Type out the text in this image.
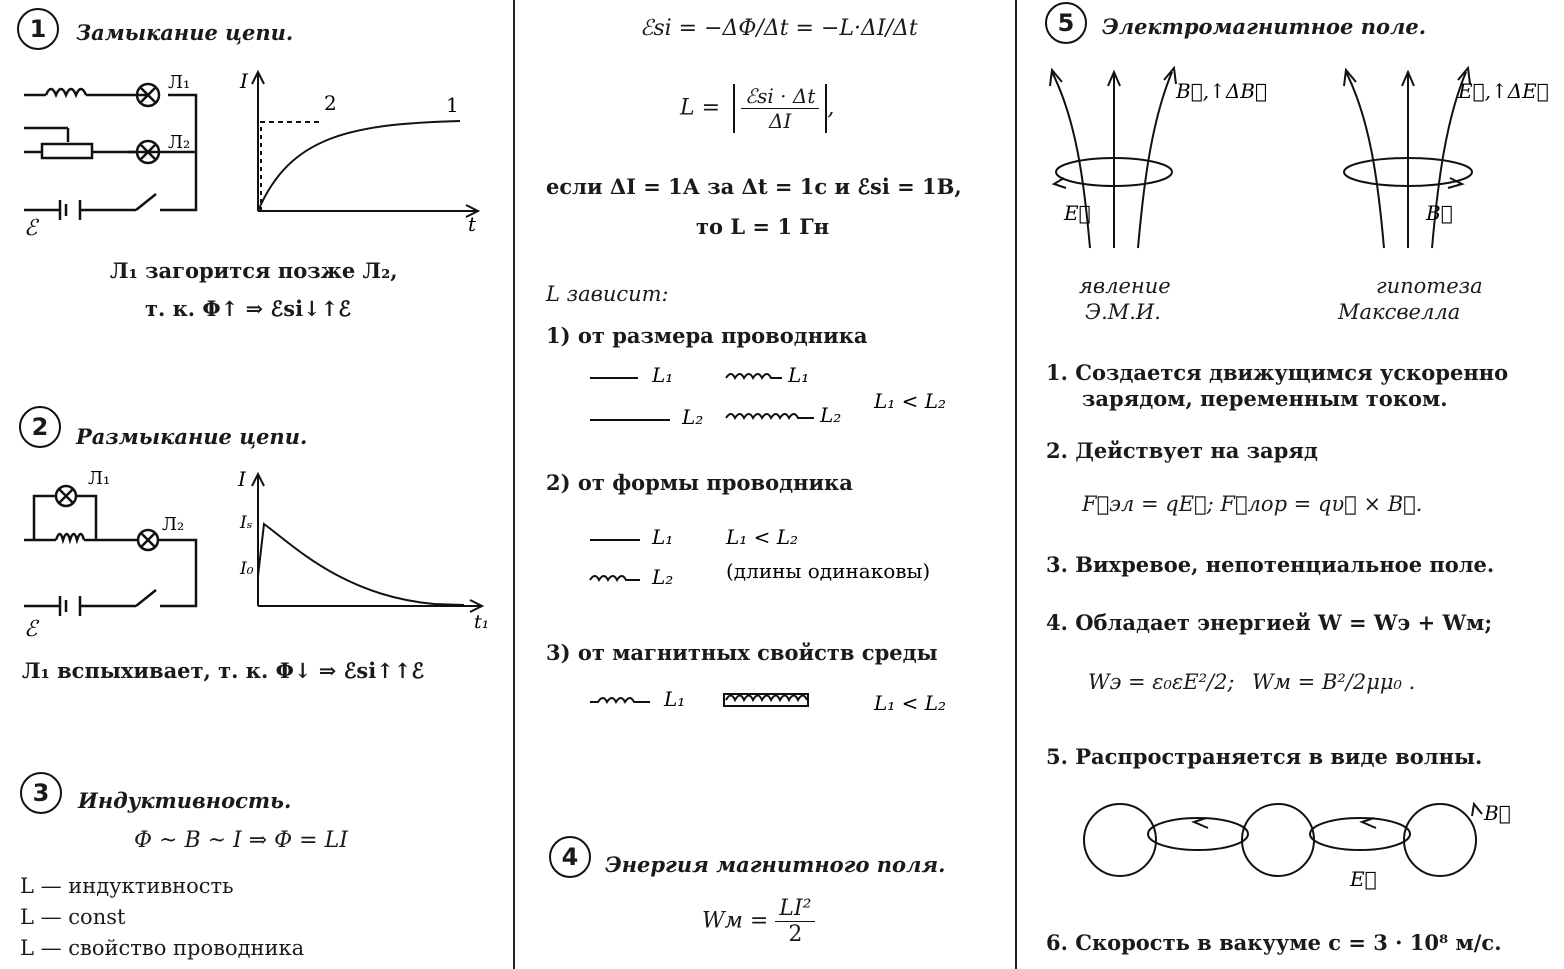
1	Замыкание цепи.
ℰ
Л₁
Л₂
I
t
2	1
Л₁ загорится позже Л₂,
т. к. Φ↑ ⇒ ℰsi↓↑ℰ
2	Размыкание цепи.
ℰ
Л₁
Л₂
I
Iₛ
I₀
t₁
Л₁ вспыхивает, т. к. Φ↓ ⇒ ℰsi↑↑ℰ
3	Индуктивность.
Φ ~ B ~ I ⇒ Φ = LI
L — индуктивность
L — const
L — свойство проводника
ℰsi = −ΔΦ/Δt = −L·ΔI/Δt
$L = \frac{\text{ℰsi · Δt}}{\Delta I}$ ,
если ΔI = 1А за Δt = 1с и ℰsi = 1В,
то L = 1 Гн
L зависит:
1) от размера проводника
L₁
L₂
L₁
L₂
L₁ < L₂
2) от формы проводника
L₁
L₂
L₁ < L₂
(длины одинаковы)
3) от магнитных свойств среды
L₁	L₁ < L₂
4	Энергия магнитного поля.
Wм = $\frac{\text{LI²}}{2}$
5	Электромагнитное поле.
B⃗,↑ΔB⃗
E⃗
E⃗,↑ΔE⃗
B⃗
явление
Э.М.И.
гипотеза
Максвелла
1. Создается движущимся ускоренно
зарядом, переменным током.
2. Действует на заряд
F⃗эл = qE⃗; F⃗лор = qυ⃗ × B⃗.
3. Вихревое, непотенциальное поле.
4. Обладает энергией W = Wэ + Wм;
Wэ = ε₀εE²/2; Wм = B²/2μμ₀ .
5. Распространяется в виде волны.
B⃗
E⃗
6. Скорость в вакууме c = 3 · 10⁸ м/с.
